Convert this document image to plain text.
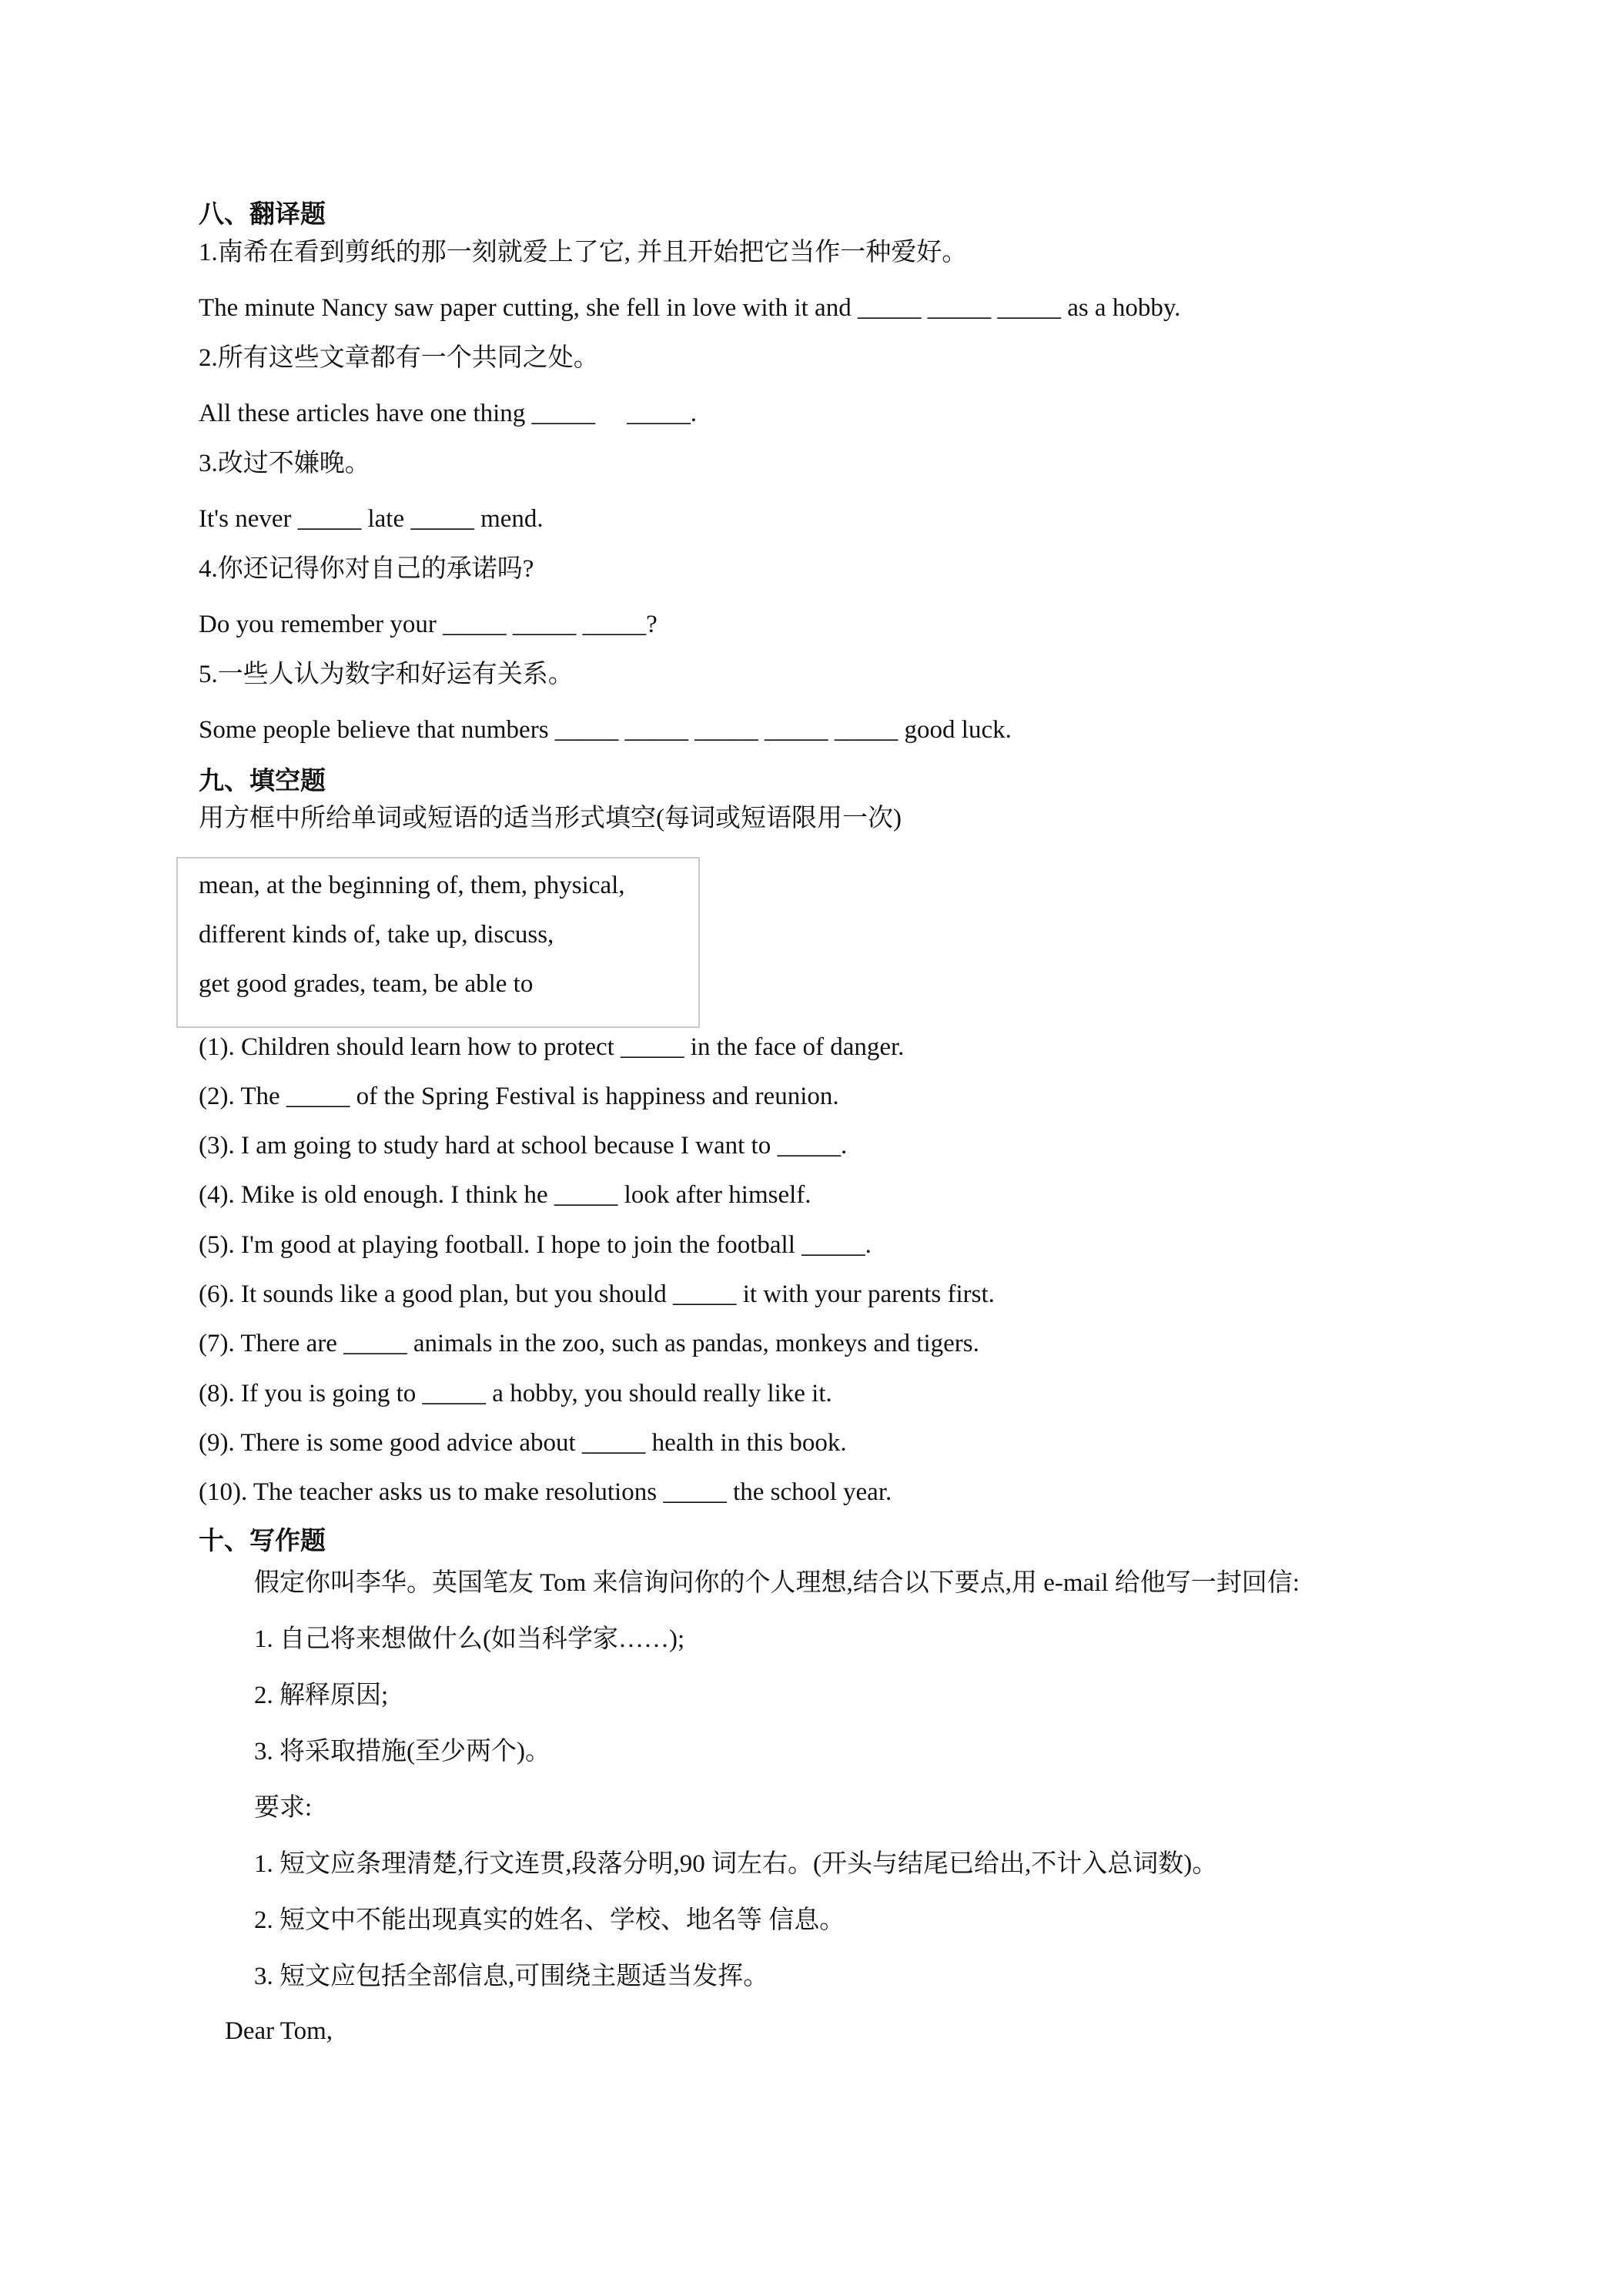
八、翻译题
1.南希在看到剪纸的那一刻就爱上了它, 并且开始把它当作一种爱好。
The minute Nancy saw paper cutting, she fell in love with it and _____ _____ _____ as a hobby.
2.所有这些文章都有一个共同之处。
All these articles have one thing _____     _____.
3.改过不嫌晚。
It's never _____ late _____ mend.
4.你还记得你对自己的承诺吗?
Do you remember your _____ _____ _____?
5.一些人认为数字和好运有关系。
Some people believe that numbers _____ _____ _____ _____ _____ good luck.
九、填空题
用方框中所给单词或短语的适当形式填空(每词或短语限用一次)
mean, at the beginning of, them, physical,
different kinds of, take up, discuss,
get good grades, team, be able to
(1). Children should learn how to protect _____ in the face of danger.
(2). The _____ of the Spring Festival is happiness and reunion.
(3). I am going to study hard at school because I want to _____.
(4). Mike is old enough. I think he _____ look after himself.
(5). I'm good at playing football. I hope to join the football _____.
(6). It sounds like a good plan, but you should _____ it with your parents first.
(7). There are _____ animals in the zoo, such as pandas, monkeys and tigers.
(8). If you is going to _____ a hobby, you should really like it.
(9). There is some good advice about _____ health in this book.
(10). The teacher asks us to make resolutions _____ the school year.
十、写作题
假定你叫李华。英国笔友 Tom 来信询问你的个人理想,结合以下要点,用 e-mail 给他写一封回信:
1. 自己将来想做什么(如当科学家……);
2. 解释原因;
3. 将采取措施(至少两个)。
要求:
1. 短文应条理清楚,行文连贯,段落分明,90 词左右。(开头与结尾已给出,不计入总词数)。
2. 短文中不能出现真实的姓名、学校、地名等 信息。
3. 短文应包括全部信息,可围绕主题适当发挥。
Dear Tom,
